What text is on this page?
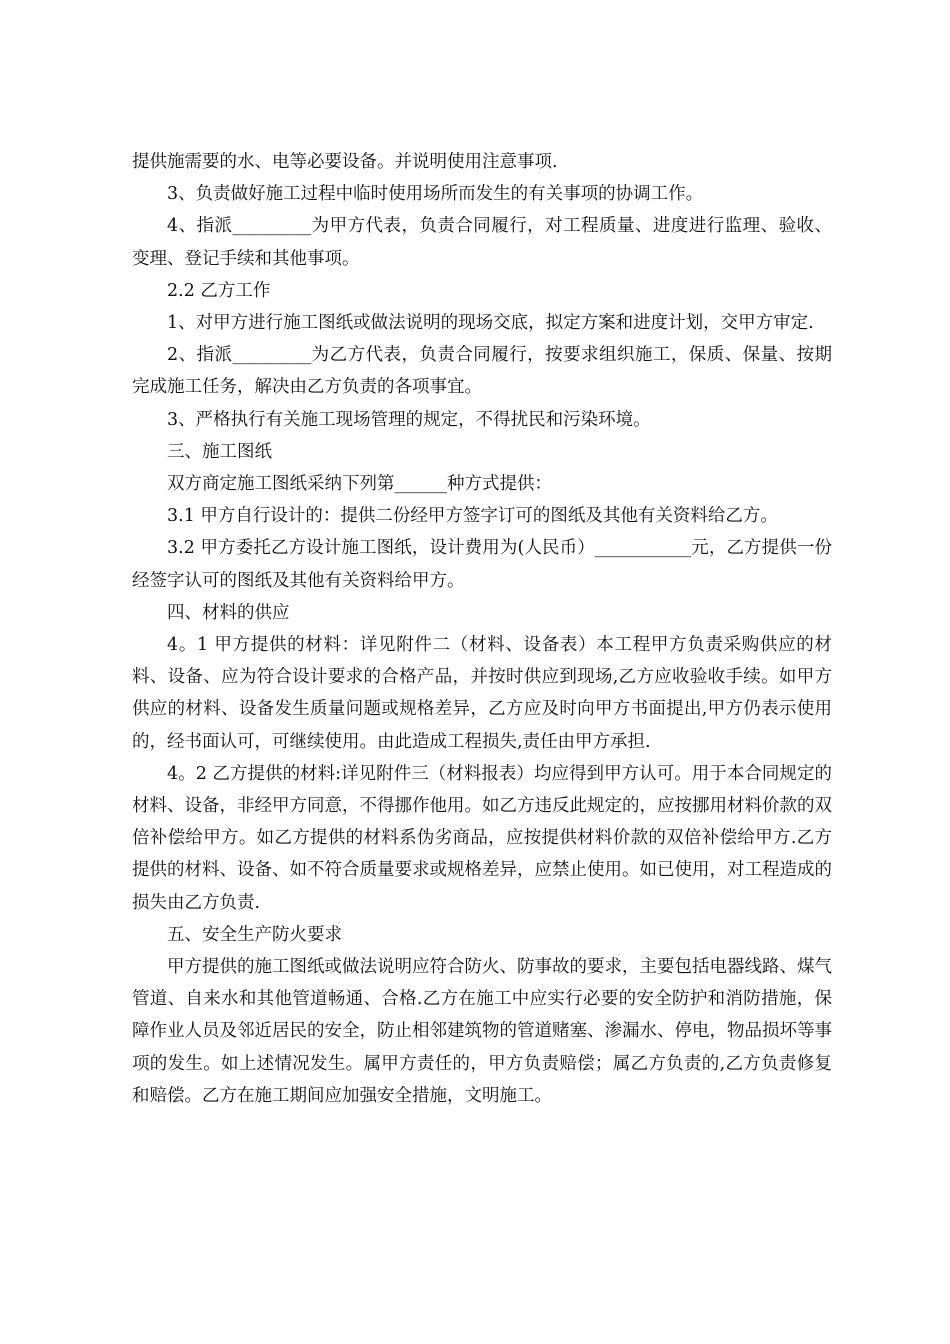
提供施需要的水、电等必要设备。并说明使用注意事项.

3、负责做好施工过程中临时使用场所而发生的有关事项的协调工作。

4、指派_________为甲方代表，负责合同履行，对工程质量、进度进行监理、验收、变理、登记手续和其他事项。

2.2 乙方工作

1、对甲方进行施工图纸或做法说明的现场交底，拟定方案和进度计划，交甲方审定.

2、指派_________为乙方代表，负责合同履行，按要求组织施工，保质、保量、按期完成施工任务，解决由乙方负责的各项事宜。

3、严格执行有关施工现场管理的规定，不得扰民和污染环境。

三、施工图纸

双方商定施工图纸采纳下列第______种方式提供：

3.1 甲方自行设计的：提供二份经甲方签字订可的图纸及其他有关资料给乙方。

3.2 甲方委托乙方设计施工图纸，设计费用为(人民币）___________元，乙方提供一份经签字认可的图纸及其他有关资料给甲方。

四、材料的供应

4。1 甲方提供的材料：详见附件二（材料、设备表）本工程甲方负责采购供应的材料、设备、应为符合设计要求的合格产品，并按时供应到现场,乙方应收验收手续。如甲方供应的材料、设备发生质量问题或规格差异，乙方应及时向甲方书面提出,甲方仍表示使用的，经书面认可，可继续使用。由此造成工程损失,责任由甲方承担.

4。2 乙方提供的材料:详见附件三（材料报表）均应得到甲方认可。用于本合同规定的材料、设备，非经甲方同意，不得挪作他用。如乙方违反此规定的，应按挪用材料价款的双倍补偿给甲方。如乙方提供的材料系伪劣商品，应按提供材料价款的双倍补偿给甲方.乙方提供的材料、设备、如不符合质量要求或规格差异，应禁止使用。如已使用，对工程造成的损失由乙方负责.

五、安全生产防火要求

甲方提供的施工图纸或做法说明应符合防火、防事故的要求，主要包括电器线路、煤气管道、自来水和其他管道畅通、合格.乙方在施工中应实行必要的安全防护和消防措施，保障作业人员及邻近居民的安全，防止相邻建筑物的管道赌塞、渗漏水、停电，物品损坏等事项的发生。如上述情况发生。属甲方责任的，甲方负责赔偿；属乙方负责的,乙方负责修复和赔偿。乙方在施工期间应加强安全措施，文明施工。
